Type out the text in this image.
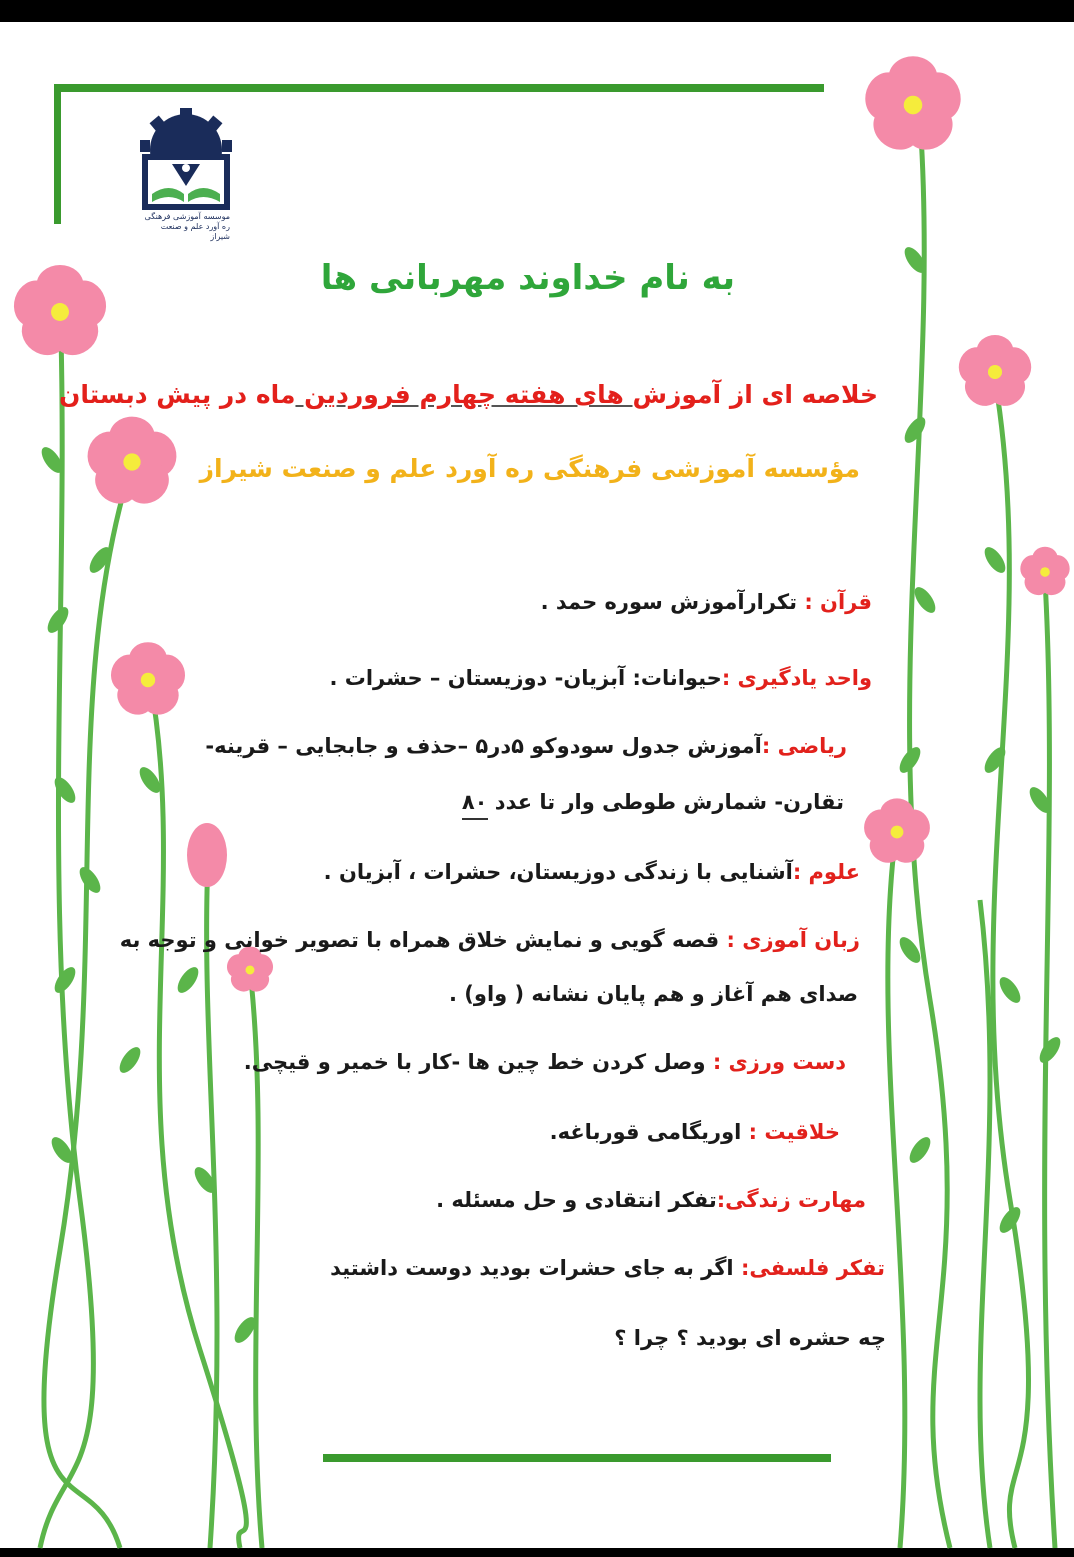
موسسه آموزشی فرهنگی
ره آورد علم و صنعت شیراز
به نام خداوند مهربانی ها
خلاصه ای از آموزش های هفته چهارم فروردین ماه در پیش دبستان
مؤسسه آموزشی فرهنگی ره آورد علم و صنعت شیراز
قرآن : تکرارآموزش سوره حمد .
واحد یادگیری :حیوانات: آبزیان- دوزیستان – حشرات .
ریاضی :آموزش جدول سودوکو ۵در۵ –حذف و جابجایی – قرینه-
تقارن- شمارش طوطی وار تا عدد ۸۰
علوم :آشنایی با زندگی دوزیستان، حشرات ، آبزیان .
زبان آموزی : قصه گویی و نمایش خلاق همراه با تصویر خوانی و توجه به
صدای هم آغاز و هم پایان نشانه ( واو) .
دست ورزی : وصل کردن خط چین ها -کار با خمیر و قیچی.
خلاقیت : اوریگامی قورباغه.
مهارت زندگی:تفکر انتقادی و حل مسئله .
تفکر فلسفی: اگر به جای حشرات بودید دوست داشتید
چه حشره ای بودید ؟ چرا ؟
